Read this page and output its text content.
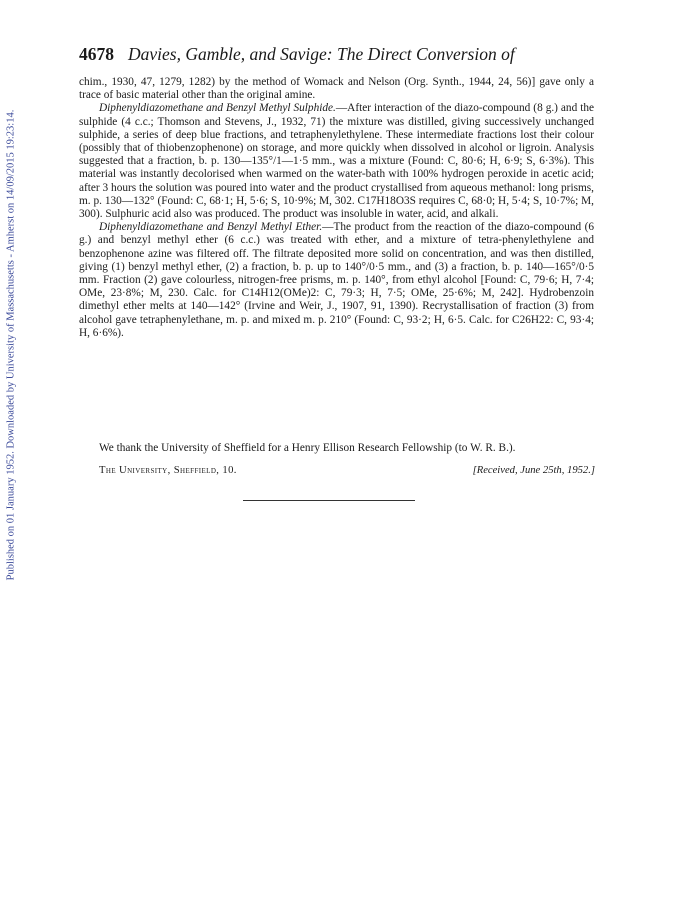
Published on 01 January 1952. Downloaded by University of Massachusetts - Amherst on 14/09/2015 19:23:14.
4678 Davies, Gamble, and Savige: The Direct Conversion of

chim., 1930, 47, 1279, 1282) by the method of Womack and Nelson (Org. Synth., 1944, 24, 56)] gave only a trace of basic material other than the original amine.

Diphenyldiazomethane and Benzyl Methyl Sulphide.—After interaction of the diazo-compound (8 g.) and the sulphide (4 c.c.; Thomson and Stevens, J., 1932, 71) the mixture was distilled, giving successively unchanged sulphide, a series of deep blue fractions, and tetraphenylethylene. These intermediate fractions lost their colour (possibly that of thiobenzophenone) on storage, and more quickly when dissolved in alcohol or ligroin. Analysis suggested that a fraction, b. p. 130—135°/1—1·5 mm., was a mixture (Found: C, 80·6; H, 6·9; S, 6·3%). This material was instantly decolorised when warmed on the water-bath with 100% hydrogen peroxide in acetic acid; after 3 hours the solution was poured into water and the product crystallised from aqueous methanol: long prisms, m. p. 130—132° (Found: C, 68·1; H, 5·6; S, 10·9%; M, 302. C17H18O3S requires C, 68·0; H, 5·4; S, 10·7%; M, 300). Sulphuric acid also was produced. The product was insoluble in water, acid, and alkali.

Diphenyldiazomethane and Benzyl Methyl Ether.—The product from the reaction of the diazo-compound (6 g.) and benzyl methyl ether (6 c.c.) was treated with ether, and a mixture of tetra-phenylethylene and benzophenone azine was filtered off. The filtrate deposited more solid on concentration, and was then distilled, giving (1) benzyl methyl ether, (2) a fraction, b. p. up to 140°/0·5 mm., and (3) a fraction, b. p. 140—165°/0·5 mm. Fraction (2) gave colourless, nitrogen-free prisms, m. p. 140°, from ethyl alcohol [Found: C, 79·6; H, 7·4; OMe, 23·8%; M, 230. Calc. for C14H12(OMe)2: C, 79·3; H, 7·5; OMe, 25·6%; M, 242]. Hydrobenzoin dimethyl ether melts at 140—142° (Irvine and Weir, J., 1907, 91, 1390). Recrystallisation of fraction (3) from alcohol gave tetraphenylethane, m. p. and mixed m. p. 210° (Found: C, 93·2; H, 6·5. Calc. for C26H22: C, 93·4; H, 6·6%).

We thank the University of Sheffield for a Henry Ellison Research Fellowship (to W. R. B.).
The University, Sheffield, 10.	[Received, June 25th, 1952.]
